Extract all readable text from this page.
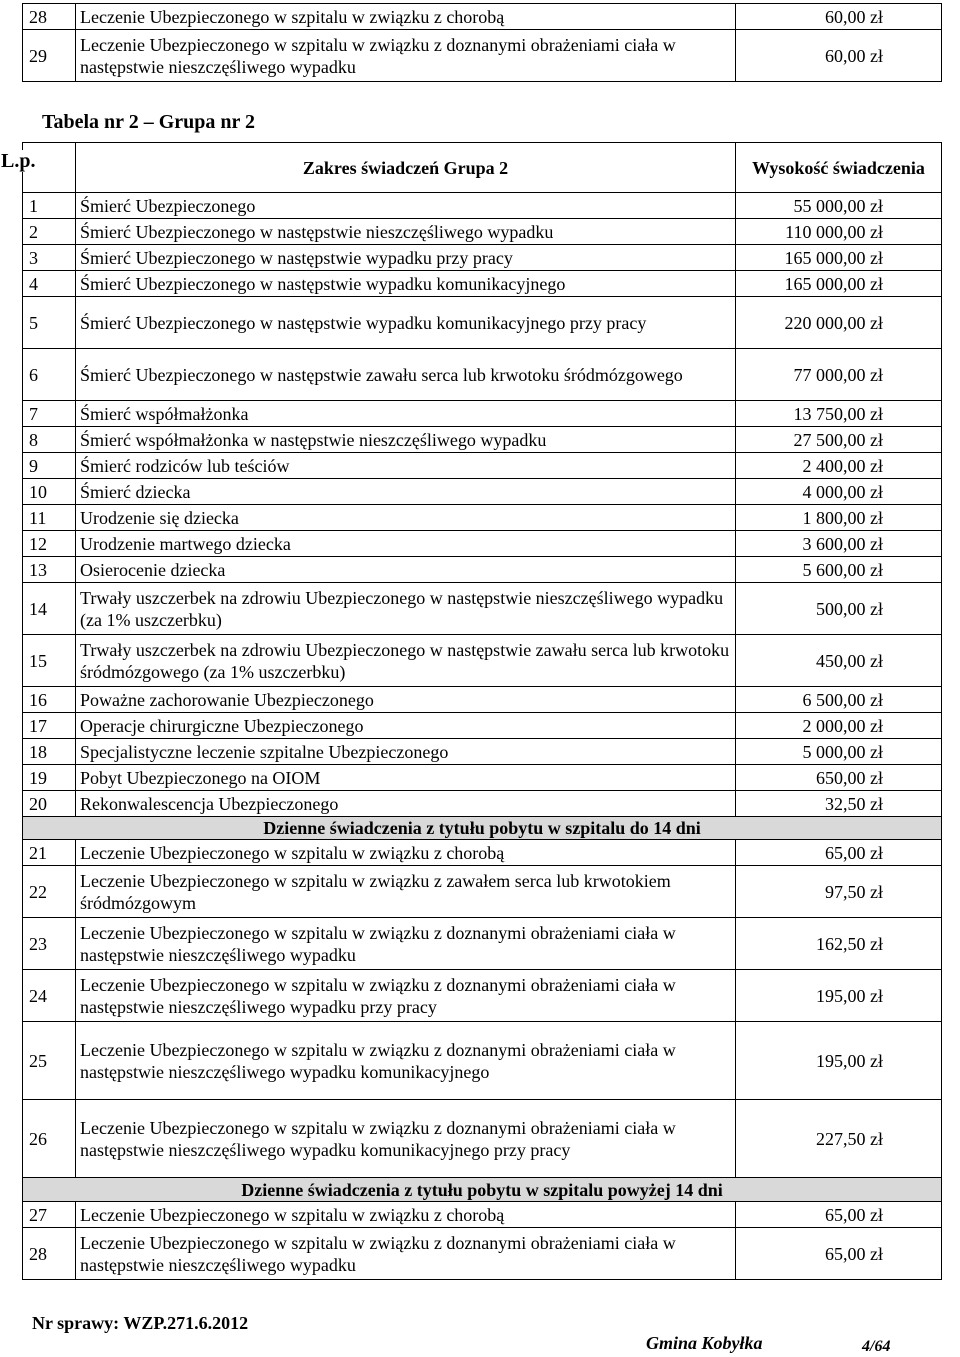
28	Leczenie Ubezpieczonego w szpitalu w związku z chorobą	60,00 zł
29	Leczenie Ubezpieczonego w szpitalu w związku z doznanymi obrażeniami ciała w następstwie nieszczęśliwego wypadku	60,00 zł
Tabela nr 2 – Grupa nr 2
L.p.	Zakres świadczeń Grupa 2	Wysokość świadczenia
1	Śmierć Ubezpieczonego	55 000,00 zł
2	Śmierć Ubezpieczonego w następstwie nieszczęśliwego wypadku	110 000,00 zł
3	Śmierć Ubezpieczonego w następstwie wypadku przy pracy	165 000,00 zł
4	Śmierć Ubezpieczonego w następstwie wypadku komunikacyjnego	165 000,00 zł
5	Śmierć Ubezpieczonego w następstwie wypadku komunikacyjnego przy pracy	220 000,00 zł
6	Śmierć Ubezpieczonego w następstwie zawału serca lub krwotoku śródmózgowego	77 000,00 zł
7	Śmierć współmałżonka	13 750,00 zł
8	Śmierć współmałżonka w następstwie nieszczęśliwego wypadku	27 500,00 zł
9	Śmierć rodziców lub teściów	2 400,00 zł
10	Śmierć dziecka	4 000,00 zł
11	Urodzenie się dziecka	1 800,00 zł
12	Urodzenie martwego dziecka	3 600,00 zł
13	Osierocenie dziecka	5 600,00 zł
14	Trwały uszczerbek na zdrowiu Ubezpieczonego w następstwie nieszczęśliwego wypadku (za 1% uszczerbku)	500,00 zł
15	Trwały uszczerbek na zdrowiu Ubezpieczonego w następstwie zawału serca lub krwotoku śródmózgowego (za 1% uszczerbku)	450,00 zł
16	Poważne zachorowanie Ubezpieczonego	6 500,00 zł
17	Operacje chirurgiczne Ubezpieczonego	2 000,00 zł
18	Specjalistyczne leczenie szpitalne Ubezpieczonego	5 000,00 zł
19	Pobyt Ubezpieczonego na OIOM	650,00 zł
20	Rekonwalescencja Ubezpieczonego	32,50 zł
Dzienne świadczenia z tytułu pobytu w szpitalu do 14 dni		
21	Leczenie Ubezpieczonego w szpitalu w związku z chorobą	65,00 zł
22	Leczenie Ubezpieczonego w szpitalu w związku z zawałem serca lub krwotokiem śródmózgowym	97,50 zł
23	Leczenie Ubezpieczonego w szpitalu w związku z doznanymi obrażeniami ciała w następstwie nieszczęśliwego wypadku	162,50 zł
24	Leczenie Ubezpieczonego w szpitalu w związku z doznanymi obrażeniami ciała w następstwie nieszczęśliwego wypadku przy pracy	195,00 zł
25	Leczenie Ubezpieczonego w szpitalu w związku z doznanymi obrażeniami ciała w następstwie nieszczęśliwego wypadku komunikacyjnego	195,00 zł
26	Leczenie Ubezpieczonego w szpitalu w związku z doznanymi obrażeniami ciała w następstwie nieszczęśliwego wypadku komunikacyjnego przy pracy	227,50 zł
Dzienne świadczenia z tytułu pobytu w szpitalu powyżej 14 dni		
27	Leczenie Ubezpieczonego w szpitalu w związku z chorobą	65,00 zł
28	Leczenie Ubezpieczonego w szpitalu w związku z doznanymi obrażeniami ciała w następstwie nieszczęśliwego wypadku	65,00 zł
Nr sprawy: WZP.271.6.2012
Gmina Kobyłka	4/64
